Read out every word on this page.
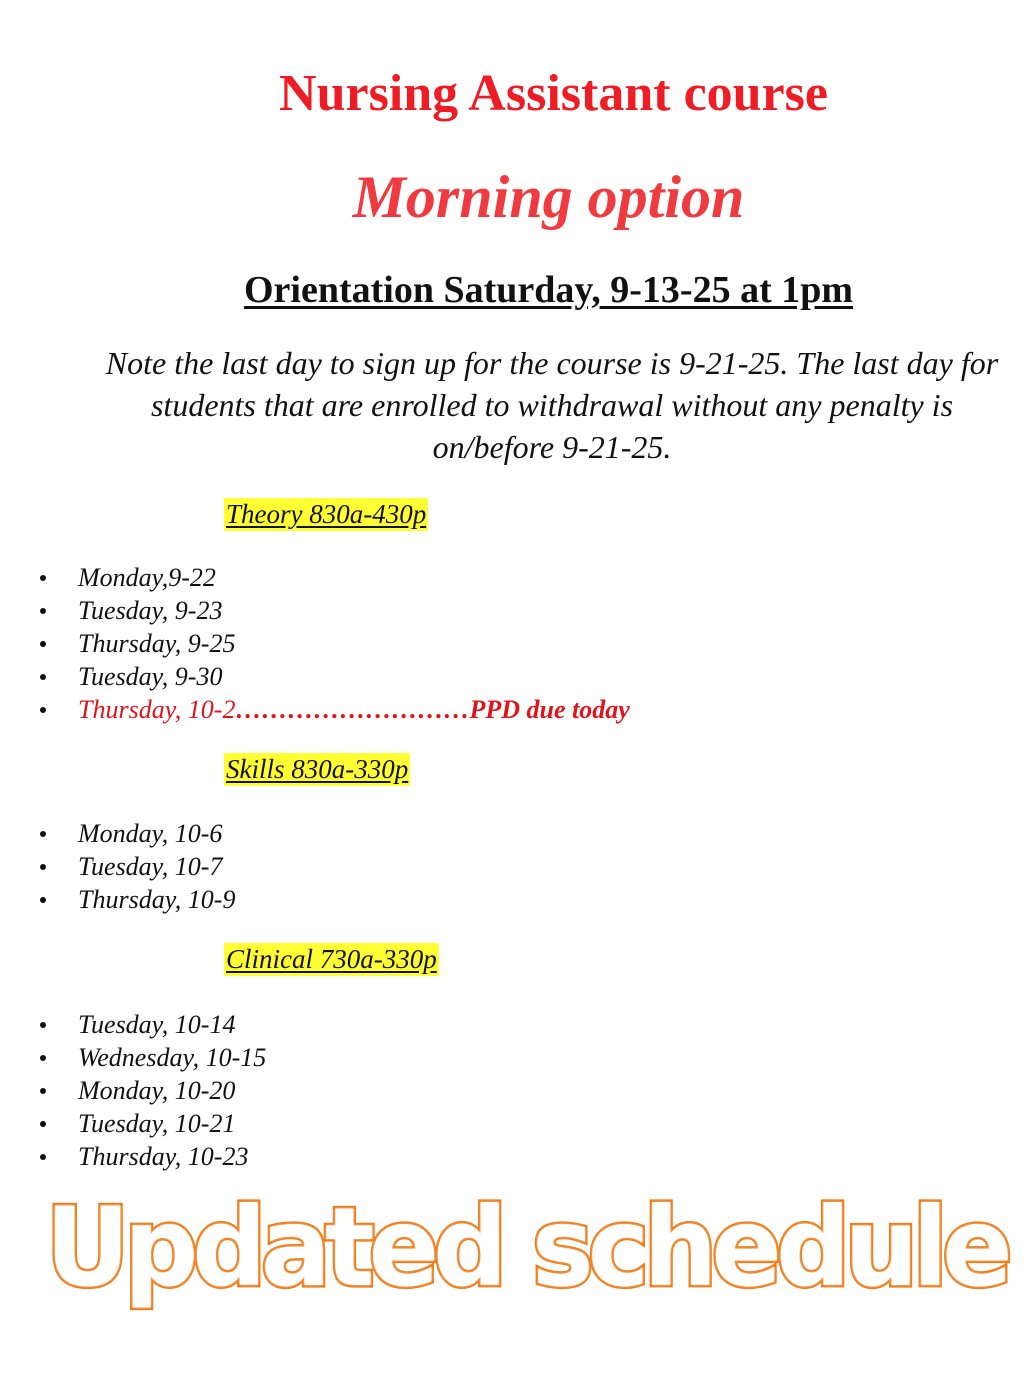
Nursing Assistant course
Morning option
Orientation Saturday, 9-13-25 at 1pm
Note the last day to sign up for the course is 9-21-25. The last day for students that are enrolled to withdrawal without any penalty is on/before 9-21-25.
Theory 830a-430p
Monday,9-22
Tuesday, 9-23
Thursday, 9-25
Tuesday, 9-30
Thursday, 10-2………………………PPD due today
Skills 830a-330p
Monday, 10-6
Tuesday, 10-7
Thursday, 10-9
Clinical 730a-330p
Tuesday, 10-14
Wednesday, 10-15
Monday, 10-20
Tuesday, 10-21
Thursday, 10-23
Updated schedule
